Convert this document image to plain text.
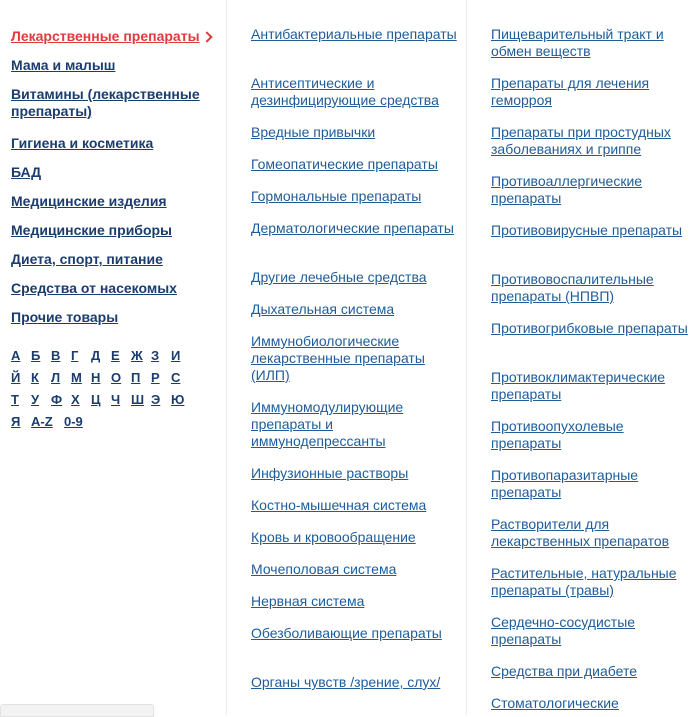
Лекарственные препараты
Мама и малыш
Витамины (лекарственные препараты)
Гигиена и косметика
БАД
Медицинские изделия
Медицинские приборы
Диета, спорт, питание
Средства от насекомых
Прочие товары
А Б В Г Д Е Ж З И
Й К Л М Н О П Р С
Т У Ф Х Ц Ч Ш Э Ю
Я A-Z 0-9
Антибактериальные препараты
Антисептические и дезинфицирующие средства
Вредные привычки
Гомеопатические препараты
Гормональные препараты
Дерматологические препараты
Другие лечебные средства
Дыхательная система
Иммунобиологические лекарственные препараты (ИЛП)
Иммуномодулирующие препараты и иммунодепрессанты
Инфузионные растворы
Костно-мышечная система
Кровь и кровообращение
Мочеполовая система
Нервная система
Обезболивающие препараты
Органы чувств /зрение, слух/
Пищеварительный тракт и обмен веществ
Препараты для лечения геморроя
Препараты при простудных заболеваниях и гриппе
Противоаллергические препараты
Противовирусные препараты
Противовоспалительные препараты (НПВП)
Противогрибковые препараты
Противоклимактерические препараты
Противоопухолевые препараты
Противопаразитарные препараты
Растворители для лекарственных препаратов
Растительные, натуральные препараты (травы)
Сердечно-сосудистые препараты
Средства при диабете
Стоматологические
